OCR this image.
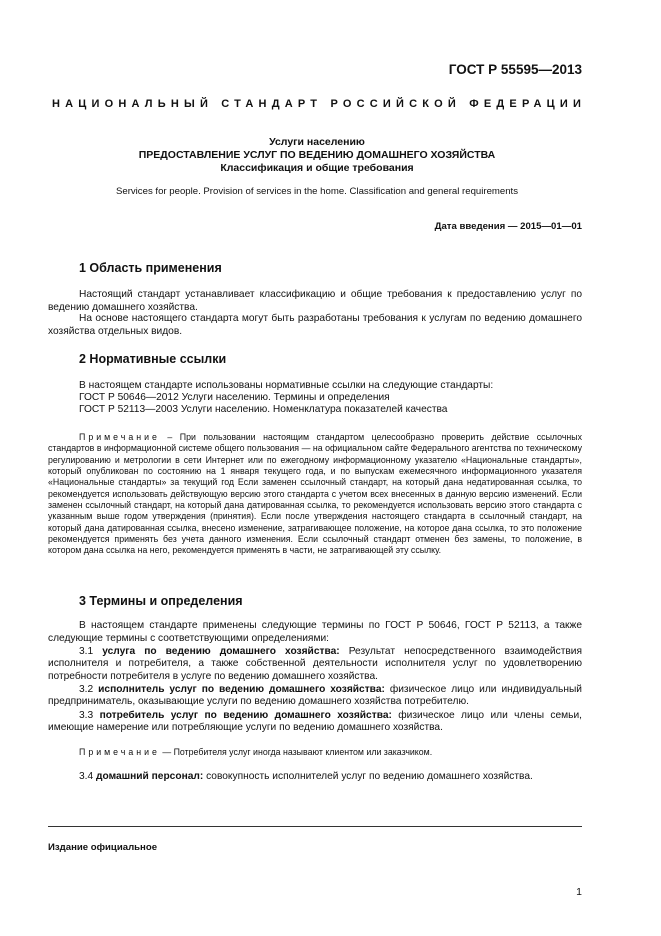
ГОСТ Р 55595—2013
НАЦИОНАЛЬНЫЙ СТАНДАРТ РОССИЙСКОЙ ФЕДЕРАЦИИ
Услуги населению
ПРЕДОСТАВЛЕНИЕ УСЛУГ ПО ВЕДЕНИЮ ДОМАШНЕГО ХОЗЯЙСТВА
Классификация и общие требования
Services for people. Provision of services in the home. Classification and general requirements
Дата введения — 2015—01—01
1 Область применения
Настоящий стандарт устанавливает классификацию и общие требования к предоставлению услуг по ведению домашнего хозяйства.
На основе настоящего стандарта могут быть разработаны требования к услугам по ведению домашнего хозяйства отдельных видов.
2 Нормативные ссылки
В настоящем стандарте использованы нормативные ссылки на следующие стандарты:
ГОСТ Р 50646—2012 Услуги населению. Термины и определения
ГОСТ Р 52113—2003 Услуги населению. Номенклатура показателей качества
Примечание – При пользовании настоящим стандартом целесообразно проверить действие ссылочных стандартов в информационной системе общего пользования — на официальном сайте Федерального агентства по техническому регулированию и метрологии в сети Интернет или по ежегодному информационному указателю «Национальные стандарты», который опубликован по состоянию на 1 января текущего года, и по выпускам ежемесячного информационного указателя «Национальные стандарты» за текущий год Если заменен ссылочный стандарт, на который дана недатированная ссылка, то рекомендуется использовать действующую версию этого стандарта с учетом всех внесенных в данную версию изменений. Если заменен ссылочный стандарт, на который дана датированная ссылка, то рекомендуется использовать версию этого стандарта с указанным выше годом утверждения (принятия). Если после утверждения настоящего стандарта в ссылочный стандарт, на который дана датированная ссылка, внесено изменение, затрагивающее положение, на которое дана ссылка, то это положение рекомендуется применять без учета данного изменения. Если ссылочный стандарт отменен без замены, то положение, в котором дана ссылка на него, рекомендуется применять в части, не затрагивающей эту ссылку.
3 Термины и определения
В настоящем стандарте применены следующие термины по ГОСТ Р 50646, ГОСТ Р 52113, а также следующие термины с соответствующими определениями:
3.1 услуга по ведению домашнего хозяйства: Результат непосредственного взаимодействия исполнителя и потребителя, а также собственной деятельности исполнителя услуг по удовлетворению потребности потребителя в услуге по ведению домашнего хозяйства.
3.2 исполнитель услуг по ведению домашнего хозяйства: физическое лицо или индивидуальный предприниматель, оказывающие услуги по ведению домашнего хозяйства потребителю.
3.3 потребитель услуг по ведению домашнего хозяйства: физическое лицо или члены семьи, имеющие намерение или потребляющие услуги по ведению домашнего хозяйства.
Примечание — Потребителя услуг иногда называют клиентом или заказчиком.
3.4 домашний персонал: совокупность исполнителей услуг по ведению домашнего хозяйства.
Издание официальное
1
